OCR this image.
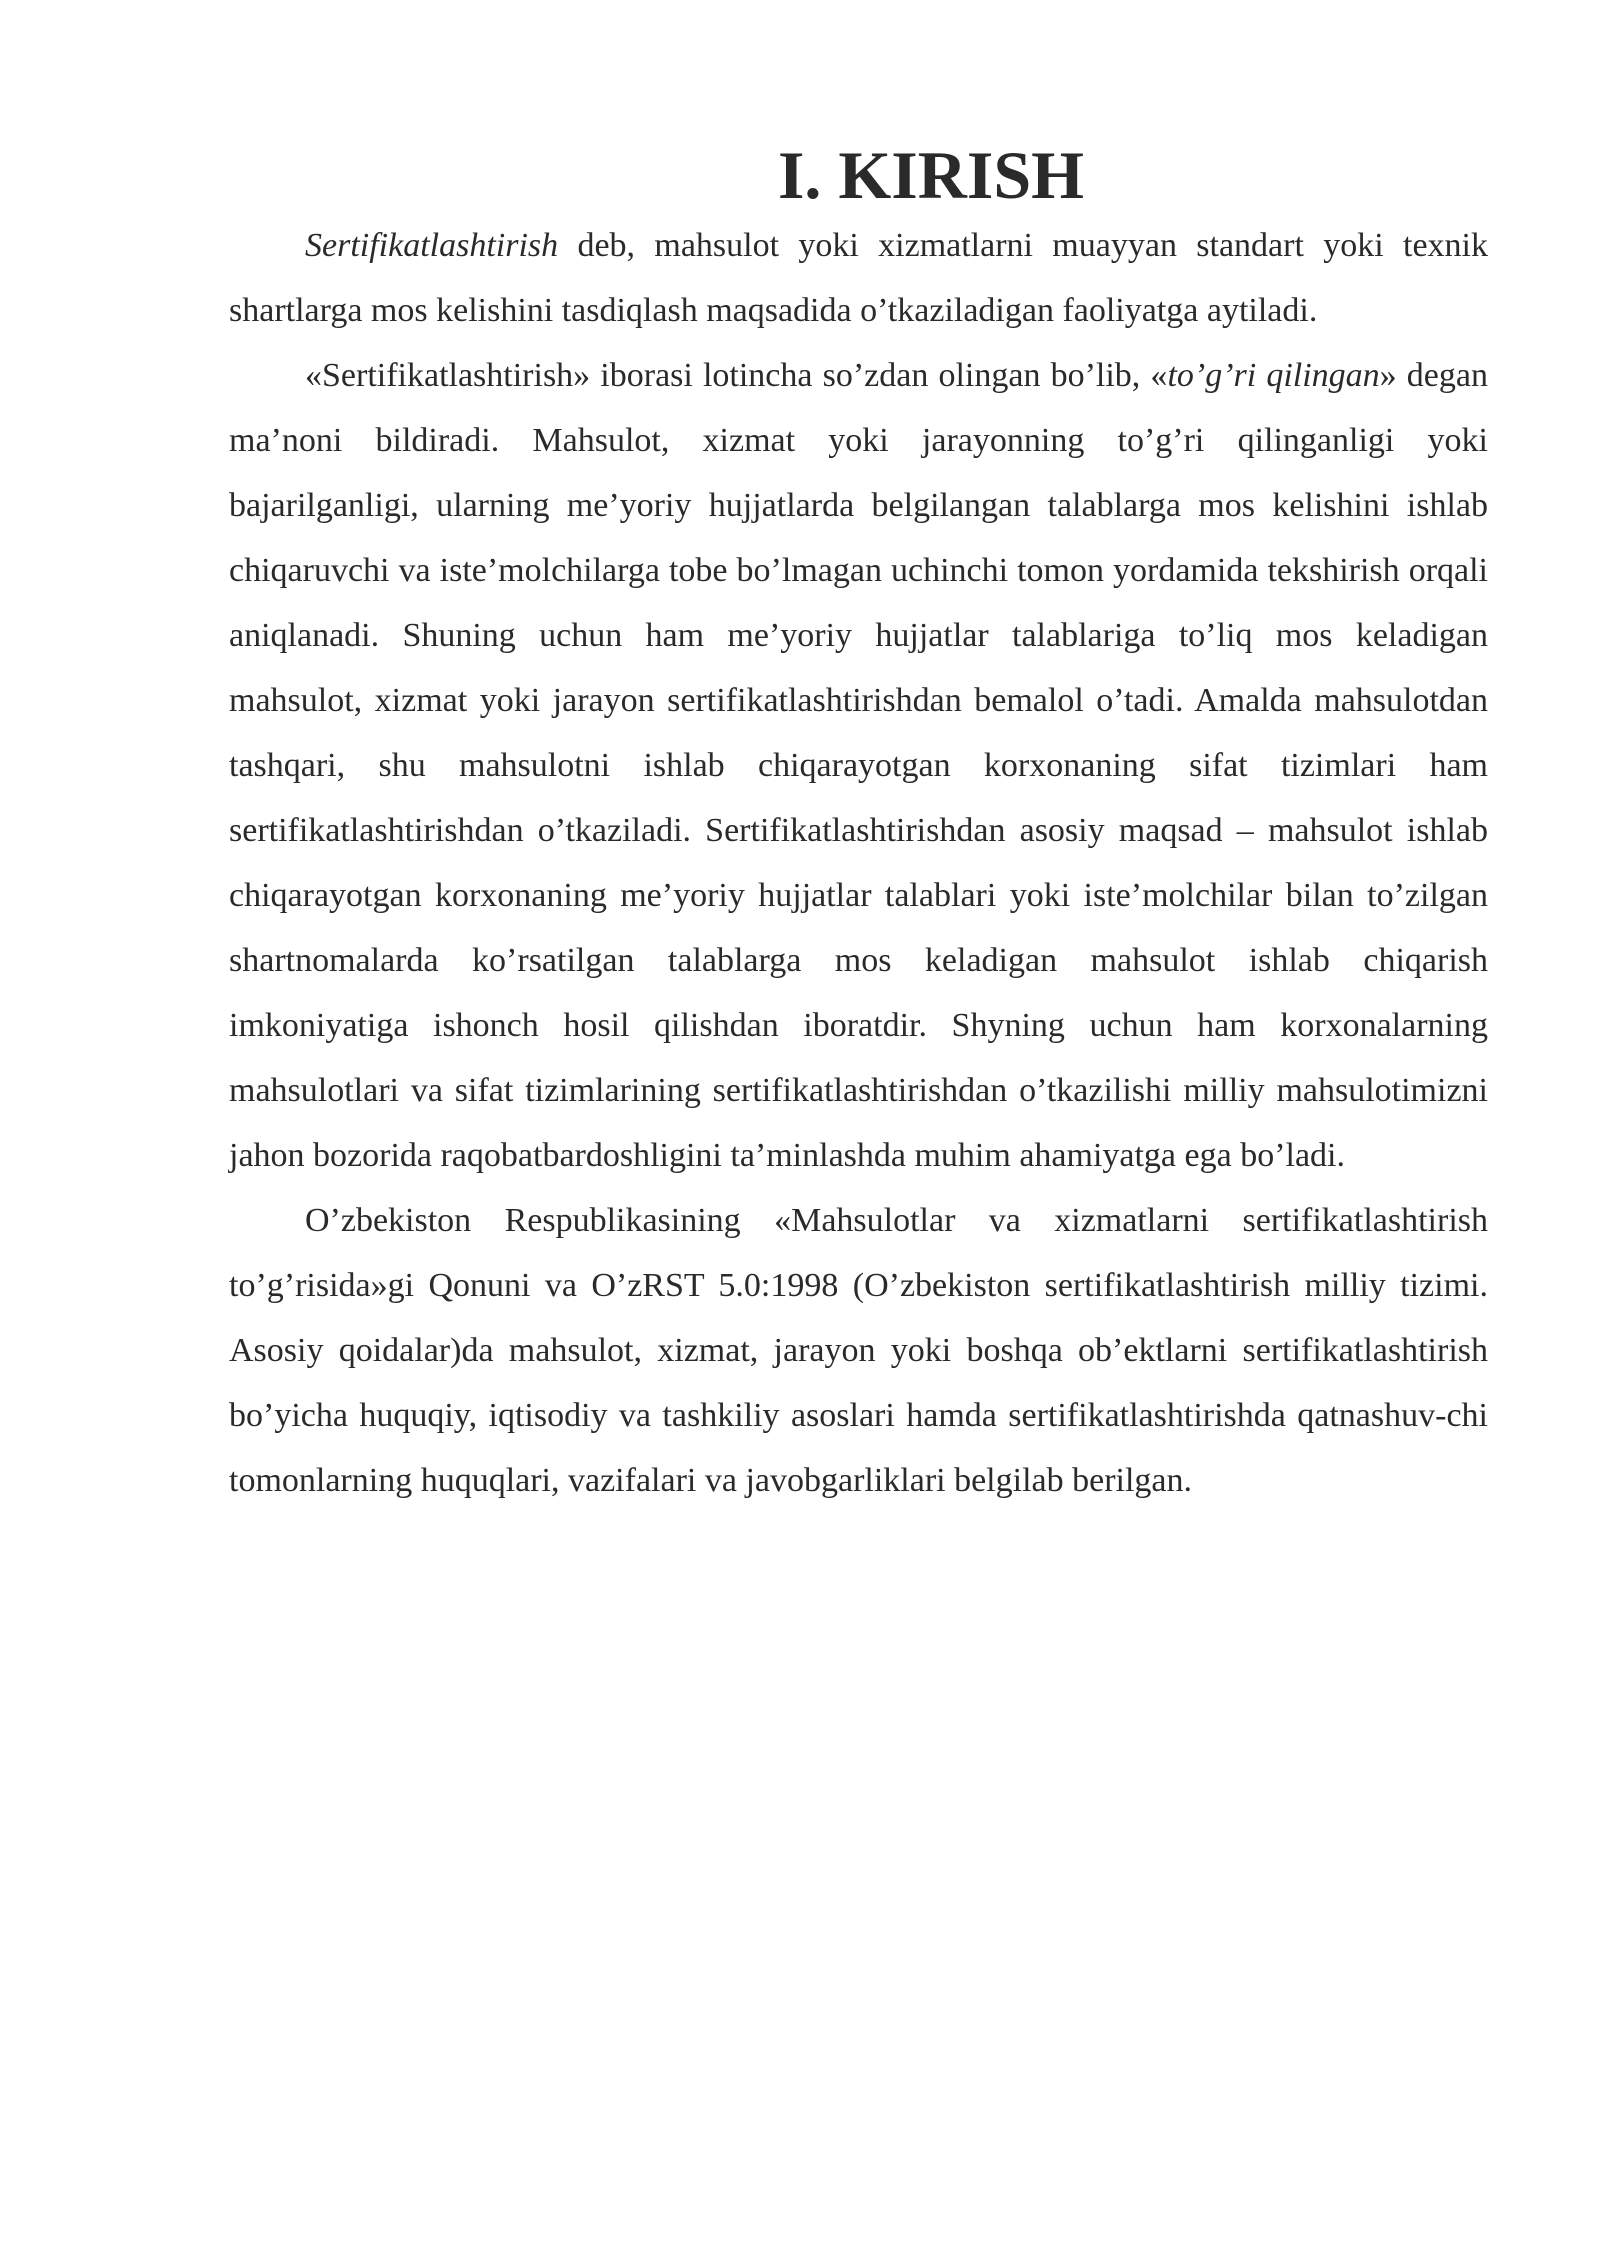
I. KIRISH

Sertifikatlashtirish deb, mahsulot yoki xizmatlarni muayyan standart yoki texnik shartlarga mos kelishini tasdiqlash maqsadida o’tkaziladigan faoliyatga aytiladi.

«Sertifikatlashtirish» iborasi lotincha so’zdan olingan bo’lib, «to’g’ri qilingan» degan ma’noni bildiradi. Mahsulot, xizmat yoki jarayonning to’g’ri qilinganligi yoki bajarilganligi, ularning me’yoriy hujjatlarda belgilangan talablarga mos kelishini ishlab chiqaruvchi va iste’molchilarga tobe bo’lmagan uchinchi tomon yordamida tekshirish orqali aniqlanadi. Shuning uchun ham me’yoriy hujjatlar talablariga to’liq mos keladigan mahsulot, xizmat yoki jarayon sertifikatlashtirishdan bemalol o’tadi. Amalda mahsulotdan tashqari, shu mahsulotni ishlab chiqarayotgan korxonaning sifat tizimlari ham sertifikatlashtirishdan o’tkaziladi. Sertifikatlashtirishdan asosiy maqsad – mahsulot ishlab chiqarayotgan korxonaning me’yoriy hujjatlar talablari yoki iste’molchilar bilan to’zilgan shartnomalarda ko’rsatilgan talablarga mos keladigan mahsulot ishlab chiqarish imkoniyatiga ishonch hosil qilishdan iboratdir. Shyning uchun ham korxonalarning mahsulotlari va sifat tizimlarining sertifikatlashtirishdan o’tkazilishi milliy mahsulotimizni jahon bozorida raqobatbardoshligini ta’minlashda muhim ahamiyatga ega bo’ladi.

O’zbekiston Respublikasining «Mahsulotlar va xizmatlarni sertifikatlashtirish to’g’risida»gi Qonuni va O’zRST 5.0:1998 (O’zbekiston sertifikatlashtirish milliy tizimi. Asosiy qoidalar)da mahsulot, xizmat, jarayon yoki boshqa ob’ektlarni sertifikatlashtirish bo’yicha huquqiy, iqtisodiy va tashkiliy asoslari hamda sertifikatlashtirishda qatnashuv-chi tomonlarning huquqlari, vazifalari va javobgarliklari belgilab berilgan.
